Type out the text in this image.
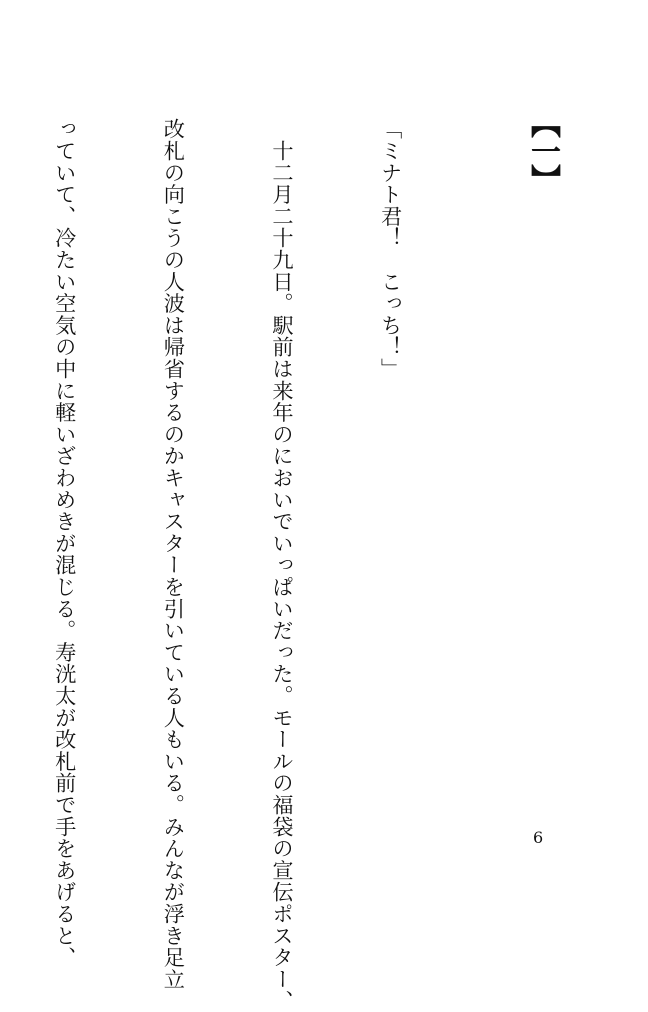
【一】

「ミナト君！　こっち！」

　十二月二十九日。駅前は来年のにおいでいっぱいだった。モールの福袋の宣伝ポスター、

改札の向こうの人波は帰省するのかキャスターを引いている人もいる。みんなが浮き足立

っていて、冷たい空気の中に軽いざわめきが混じる。寿洸太が改札前で手をあげると、

	6
